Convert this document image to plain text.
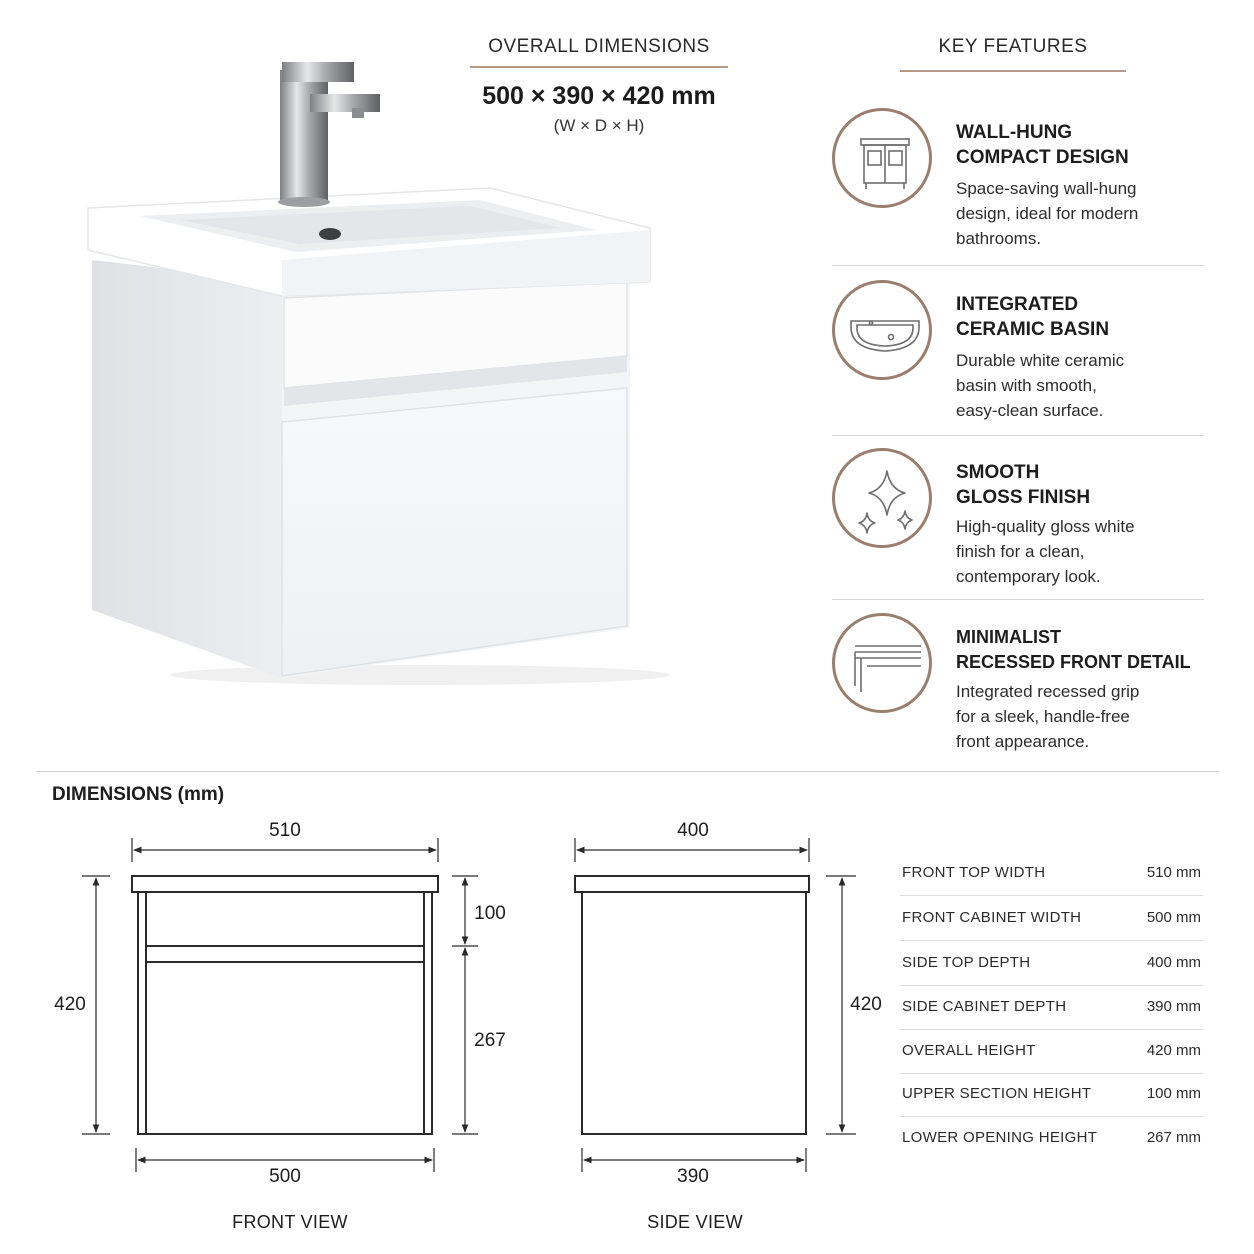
OVERALL DIMENSIONS
500 × 390 × 420 mm
(W × D × H)
KEY FEATURES
WALL-HUNG
COMPACT DESIGN
Space-saving wall-hung
design, ideal for modern
bathrooms.
INTEGRATED
CERAMIC BASIN
Durable white ceramic
basin with smooth,
easy-clean surface.
SMOOTH
GLOSS FINISH
High-quality gloss white
finish for a clean,
contemporary look.
MINIMALIST
RECESSED FRONT DETAIL
Integrated recessed grip
for a sleek, handle-free
front appearance.
DIMENSIONS (mm)
510
500
420
100
267
FRONT VIEW
400
390
420
SIDE VIEW
FRONT TOP WIDTH	510 mm
FRONT CABINET WIDTH	500 mm
SIDE TOP DEPTH	400 mm
SIDE CABINET DEPTH	390 mm
OVERALL HEIGHT	420 mm
UPPER SECTION HEIGHT	100 mm
LOWER OPENING HEIGHT	267 mm
